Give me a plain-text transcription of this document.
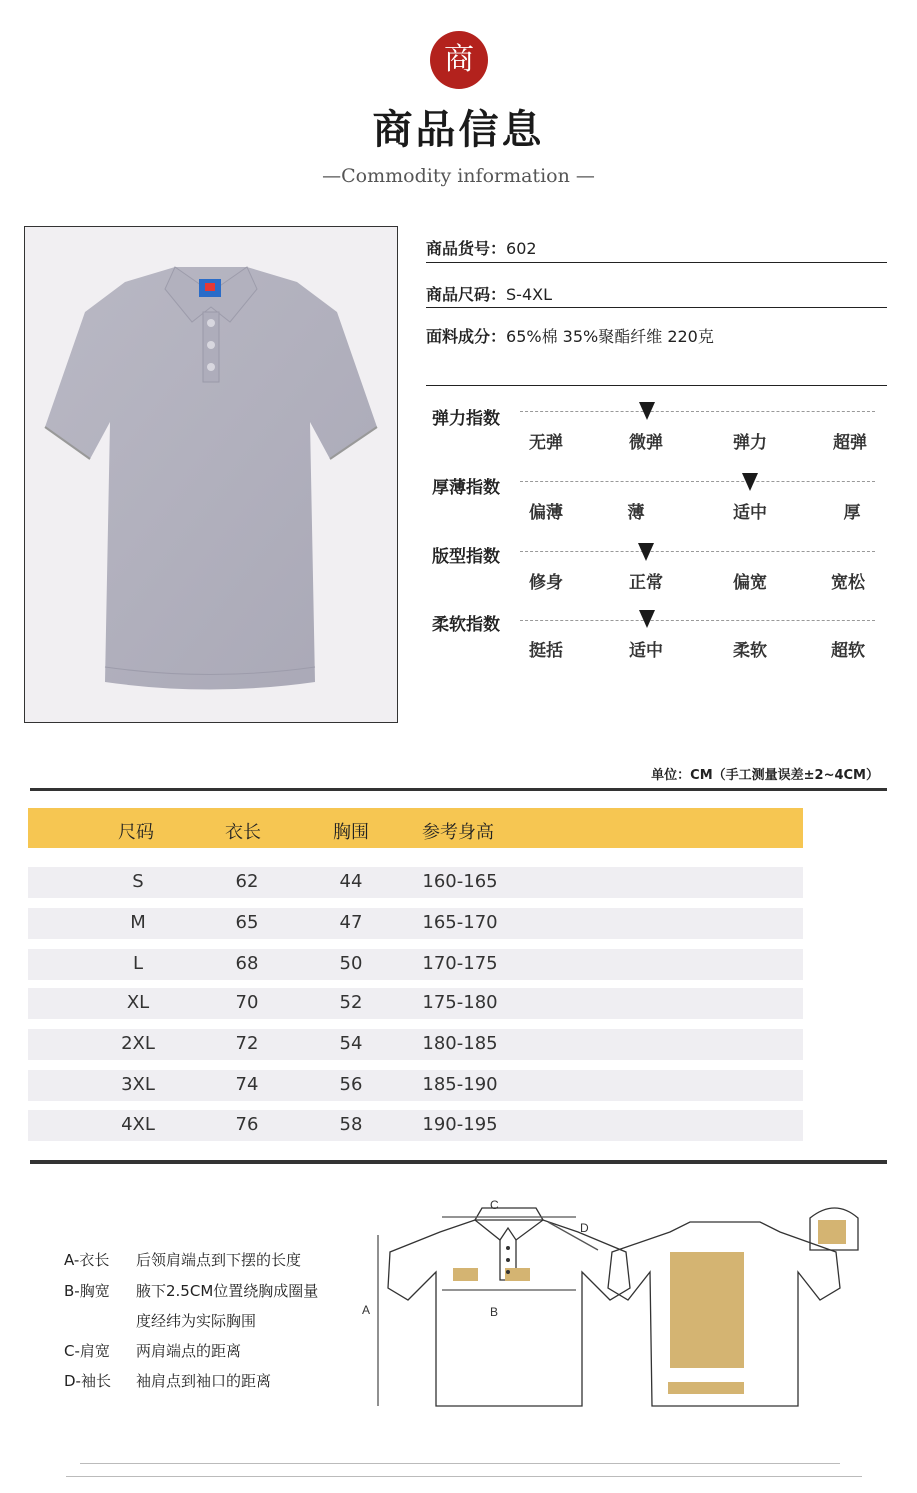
商
商品信息
—Commodity information —
商品货号：602
商品尺码：S-4XL
面料成分：65%棉 35%聚酯纤维 220克
弹力指数
无弹	微弹	弹力	超弹
厚薄指数
偏薄	薄	适中	厚
版型指数
修身	正常	偏宽	宽松
柔软指数
挺括	适中	柔软	超软
单位：CM（手工测量误差±2~4CM）
尺码	衣长	胸围	参考身高
S	62	44	160-165
M	65	47	165-170
L	68	50	170-175
XL	70	52	175-180
2XL	72	54	180-185
3XL	74	56	185-190
4XL	76	58	190-195
A-衣长 后领肩端点到下摆的长度
B-胸宽 腋下2.5CM位置绕胸成圈量
度经纬为实际胸围
C-肩宽 两肩端点的距离
D-袖长 袖肩点到袖口的距离
A	B
C
D
